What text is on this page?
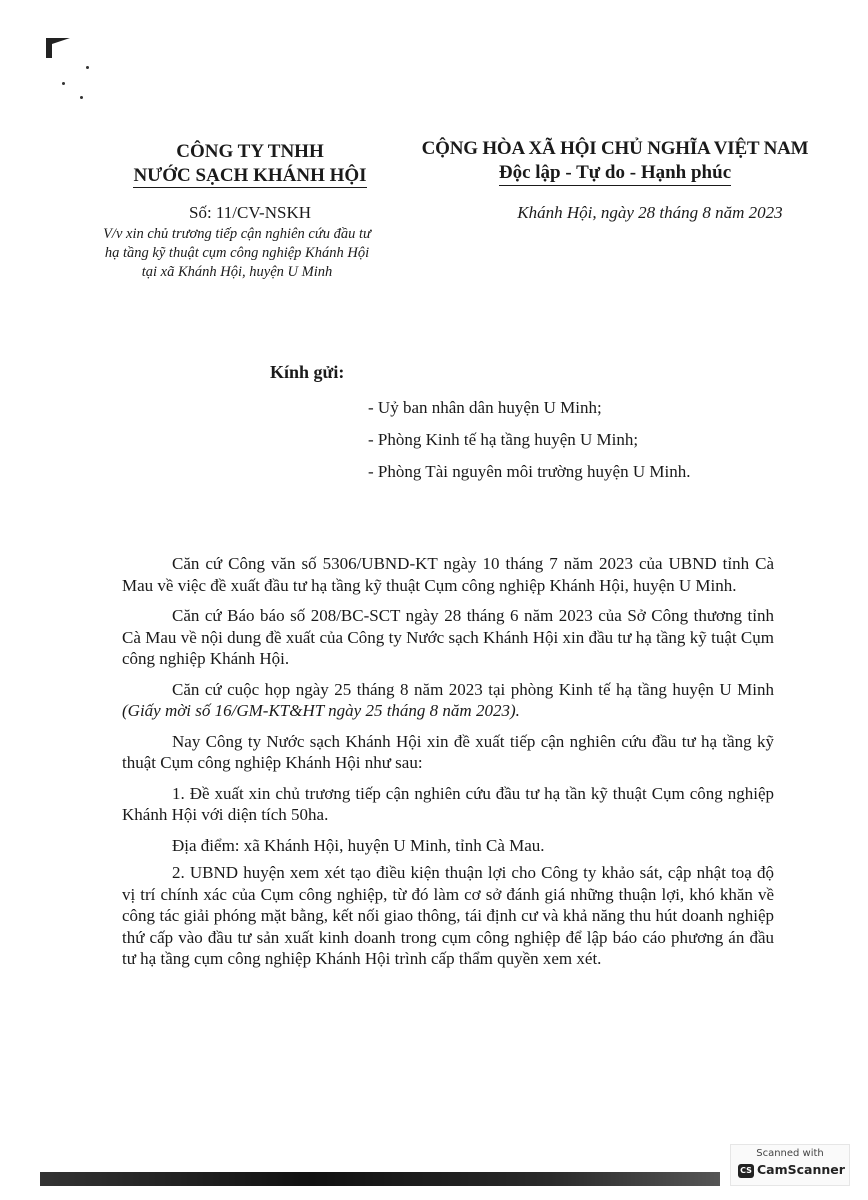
CÔNG TY TNHH
NƯỚC SẠCH KHÁNH HỘI
CỘNG HÒA XÃ HỘI CHỦ NGHĨA VIỆT NAM
Độc lập - Tự do - Hạnh phúc
Số: 11/CV-NSKH
V/v xin chủ trương tiếp cận nghiên cứu đầu tư
hạ tầng kỹ thuật cụm công nghiệp Khánh Hội
tại xã Khánh Hội, huyện U Minh
Khánh Hội, ngày 28 tháng 8 năm 2023
Kính gửi:
- Uỷ ban nhân dân huyện U Minh;
- Phòng Kinh tế hạ tầng huyện U Minh;
- Phòng Tài nguyên môi trường huyện U Minh.

Căn cứ Công văn số 5306/UBND-KT ngày 10 tháng 7 năm 2023 của UBND tỉnh Cà Mau về việc đề xuất đầu tư hạ tầng kỹ thuật Cụm công nghiệp Khánh Hội, huyện U Minh.

Căn cứ Báo báo số 208/BC-SCT ngày 28 tháng 6 năm 2023 của Sở Công thương tỉnh Cà Mau về nội dung đề xuất của Công ty Nước sạch Khánh Hội xin đầu tư hạ tầng kỹ tuật Cụm công nghiệp Khánh Hội.

Căn cứ cuộc họp ngày 25 tháng 8 năm 2023 tại phòng Kinh tế hạ tầng huyện U Minh (Giấy mời số 16/GM-KT&HT ngày 25 tháng 8 năm 2023).

Nay Công ty Nước sạch Khánh Hội xin đề xuất tiếp cận nghiên cứu đầu tư hạ tầng kỹ thuật Cụm công nghiệp Khánh Hội như sau:

1. Đề xuất xin chủ trương tiếp cận nghiên cứu đầu tư hạ tần kỹ thuật Cụm công nghiệp Khánh Hội với diện tích 50ha.

Địa điểm: xã Khánh Hội, huyện U Minh, tỉnh Cà Mau.

2. UBND huyện xem xét tạo điều kiện thuận lợi cho Công ty khảo sát, cập nhật toạ độ vị trí chính xác của Cụm công nghiệp, từ đó làm cơ sở đánh giá những thuận lợi, khó khăn về công tác giải phóng mặt bằng, kết nối giao thông, tái định cư và khả năng thu hút doanh nghiệp thứ cấp vào đầu tư sản xuất kinh doanh trong cụm công nghiệp để lập báo cáo phương án đầu tư hạ tầng cụm công nghiệp Khánh Hội trình cấp thẩm quyền xem xét.

Scanned with
CS CamScanner
